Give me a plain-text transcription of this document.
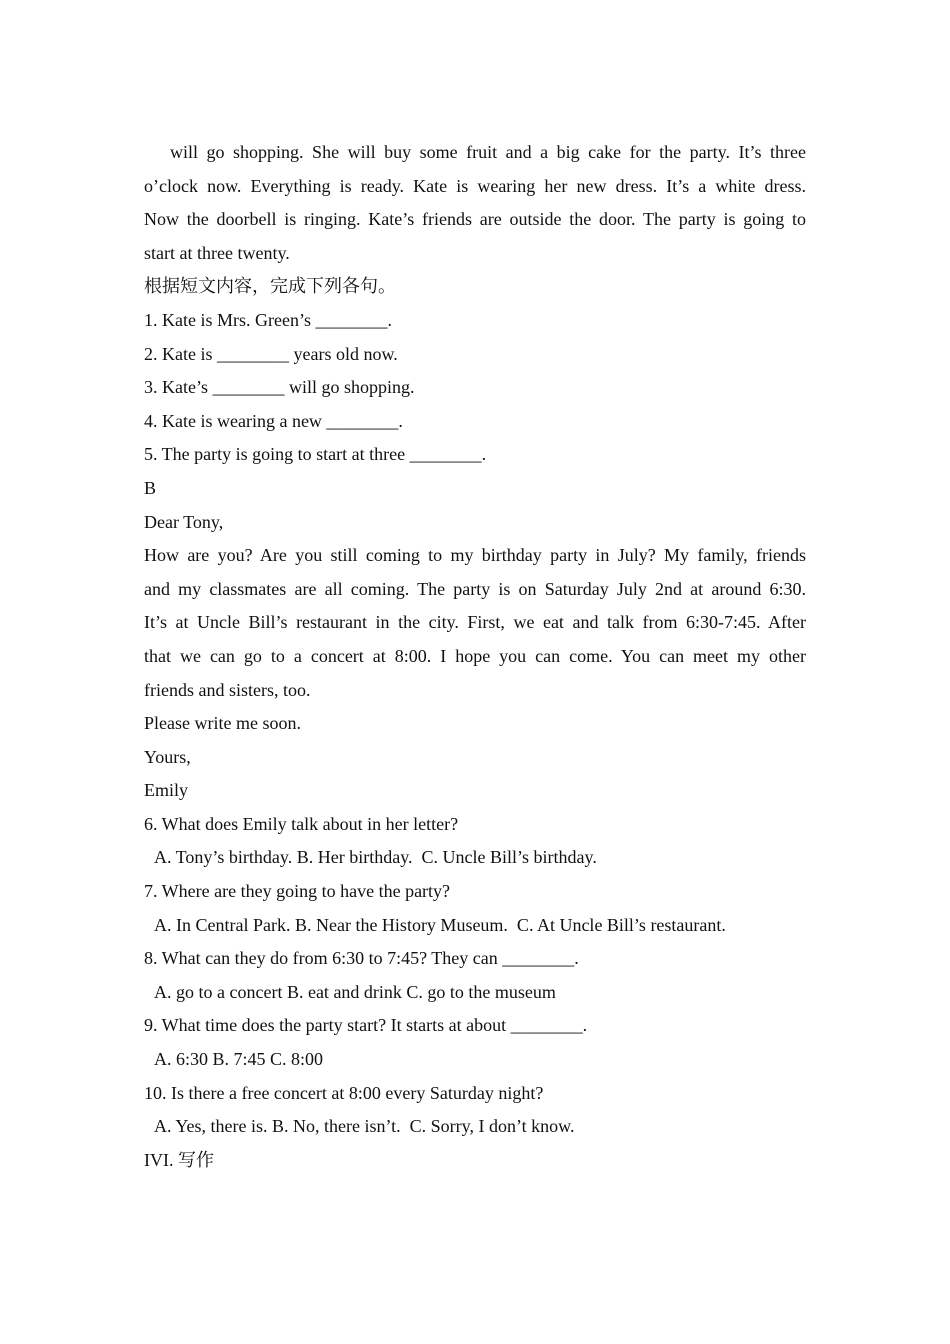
will go shopping. She will buy some fruit and a big cake for the party. It’s three
o’clock now. Everything is ready. Kate is wearing her new dress. It’s a white dress.
Now the doorbell is ringing. Kate’s friends are outside the door. The party is going to
start at three twenty.
根据短文内容，完成下列各句。
1. Kate is Mrs. Green’s ________.
2. Kate is ________ years old now.
3. Kate’s ________ will go shopping.
4. Kate is wearing a new ________.
5. The party is going to start at three ________.
B
Dear Tony,
How are you? Are you still coming to my birthday party in July? My family, friends
and my classmates are all coming. The party is on Saturday July 2nd at around 6:30.
It’s at Uncle Bill’s restaurant in the city. First, we eat and talk from 6:30-7:45. After
that we can go to a concert at 8:00. I hope you can come. You can meet my other
friends and sisters, too.
Please write me soon.
Yours,
Emily
6. What does Emily talk about in her letter?
A. Tony’s birthday. B. Her birthday.  C. Uncle Bill’s birthday.
7. Where are they going to have the party?
A. In Central Park. B. Near the History Museum.  C. At Uncle Bill’s restaurant.
8. What can they do from 6:30 to 7:45? They can ________.
A. go to a concert B. eat and drink C. go to the museum
9. What time does the party start? It starts at about ________.
A. 6:30 B. 7:45 C. 8:00
10. Is there a free concert at 8:00 every Saturday night?
A. Yes, there is. B. No, there isn’t.  C. Sorry, I don’t know.
IVI. 写作
